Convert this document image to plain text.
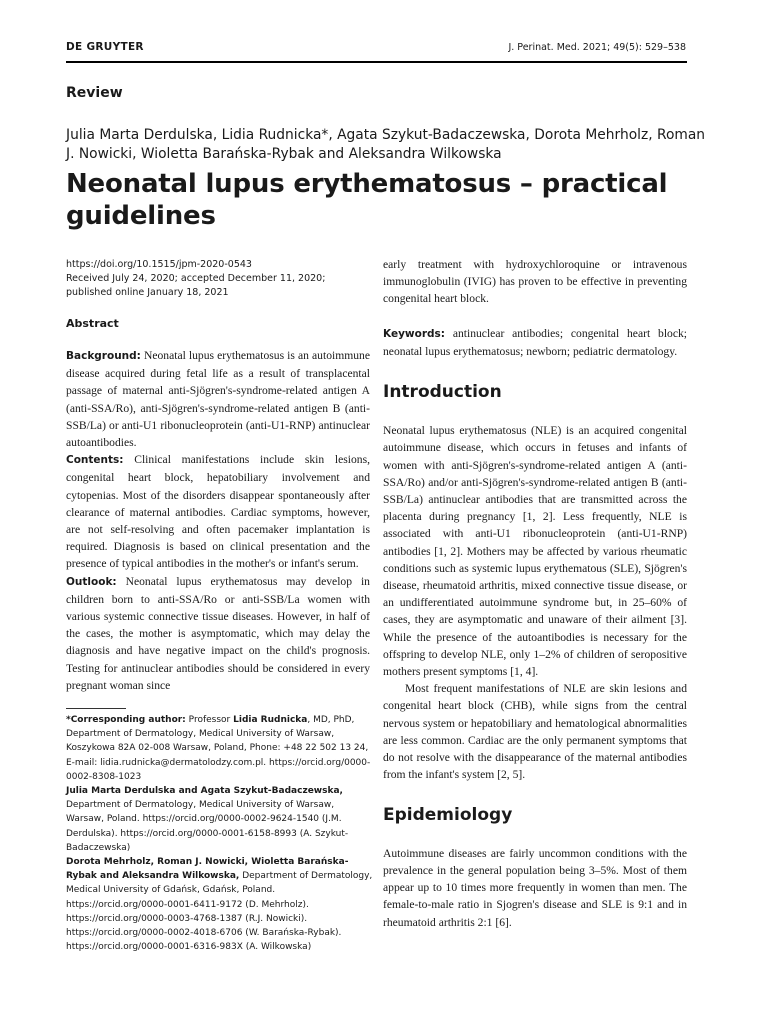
DE GRUYTER	J. Perinat. Med. 2021; 49(5): 529–538
Review
Julia Marta Derdulska, Lidia Rudnicka*, Agata Szykut-Badaczewska, Dorota Mehrholz, Roman J. Nowicki, Wioletta Barańska-Rybak and Aleksandra Wilkowska
Neonatal lupus erythematosus – practical guidelines
https://doi.org/10.1515/jpm-2020-0543
Received July 24, 2020; accepted December 11, 2020;
published online January 18, 2021
Abstract

Background: Neonatal lupus erythematosus is an autoimmune disease acquired during fetal life as a result of transplacental passage of maternal anti-Sjögren's-syndrome-related antigen A (anti-SSA/Ro), anti-Sjögren's-syndrome-related antigen B (anti-SSB/La) or anti-U1 ribonucleoprotein (anti-U1-RNP) antinuclear autoantibodies.

Contents: Clinical manifestations include skin lesions, congenital heart block, hepatobiliary involvement and cytopenias. Most of the disorders disappear spontaneously after clearance of maternal antibodies. Cardiac symptoms, however, are not self-resolving and often pacemaker implantation is required. Diagnosis is based on clinical presentation and the presence of typical antibodies in the mother's or infant's serum.

Outlook: Neonatal lupus erythematosus may develop in children born to anti-SSA/Ro or anti-SSB/La women with various systemic connective tissue diseases. However, in half of the cases, the mother is asymptomatic, which may delay the diagnosis and have negative impact on the child's prognosis. Testing for antinuclear antibodies should be considered in every pregnant woman since

*Corresponding author: Professor Lidia Rudnicka, MD, PhD, Department of Dermatology, Medical University of Warsaw, Koszykowa 82A 02-008 Warsaw, Poland, Phone: +48 22 502 13 24, E-mail: lidia.rudnicka@dermatolodzy.com.pl. https://orcid.org/0000-0002-8308-1023

Julia Marta Derdulska and Agata Szykut-Badaczewska, Department of Dermatology, Medical University of Warsaw, Warsaw, Poland. https://orcid.org/0000-0002-9624-1540 (J.M. Derdulska). https://orcid.org/0000-0001-6158-8993 (A. Szykut-Badaczewska)

Dorota Mehrholz, Roman J. Nowicki, Wioletta Barańska-Rybak and Aleksandra Wilkowska, Department of Dermatology, Medical University of Gdańsk, Gdańsk, Poland. https://orcid.org/0000-0001-6411-9172 (D. Mehrholz). https://orcid.org/0000-0003-4768-1387 (R.J. Nowicki). https://orcid.org/0000-0002-4018-6706 (W. Barańska-Rybak). https://orcid.org/0000-0001-6316-983X (A. Wilkowska)

early treatment with hydroxychloroquine or intravenous immunoglobulin (IVIG) has proven to be effective in preventing congenital heart block.

Keywords: antinuclear antibodies; congenital heart block; neonatal lupus erythematosus; newborn; pediatric dermatology.

Introduction

Neonatal lupus erythematosus (NLE) is an acquired congenital autoimmune disease, which occurs in fetuses and infants of women with anti-Sjögren's-syndrome-related antigen A (anti-SSA/Ro) and/or anti-Sjögren's-syndrome-related antigen B (anti-SSB/La) antinuclear antibodies that are transmitted across the placenta during pregnancy [1, 2]. Less frequently, NLE is associated with anti-U1 ribonucleoprotein (anti-U1-RNP) antibodies [1, 2]. Mothers may be affected by various rheumatic conditions such as systemic lupus erythematous (SLE), Sjögren's disease, rheumatoid arthritis, mixed connective tissue disease, or an undifferentiated autoimmune syndrome but, in 25–60% of cases, they are asymptomatic and unaware of their ailment [3]. While the presence of the autoantibodies is necessary for the offspring to develop NLE, only 1–2% of children of seropositive mothers present symptoms [1, 4].

Most frequent manifestations of NLE are skin lesions and congenital heart block (CHB), while signs from the central nervous system or hepatobiliary and hematological abnormalities are less common. Cardiac are the only permanent symptoms that do not resolve with the disappearance of the maternal antibodies from the infant's system [2, 5].

Epidemiology

Autoimmune diseases are fairly uncommon conditions with the prevalence in the general population being 3–5%. Most of them appear up to 10 times more frequently in women than men. The female-to-male ratio in Sjogren's disease and SLE is 9:1 and in rheumatoid arthritis 2:1 [6].
